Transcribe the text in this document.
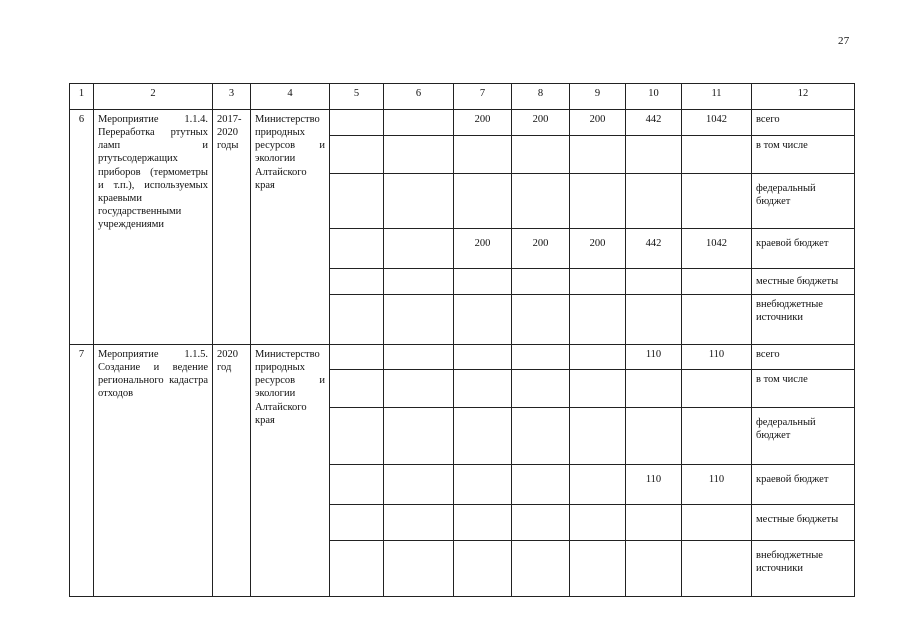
27
1	2	3	4	5	6	7	8	9	10	11	12
6	Мероприятие 1.1.4. Переработка ртутных ламп и ртутьсодержащих приборов (термометры и т.п.), используемых краевыми государственными учреждениями	2017-2020 годы	Министерство природных ресурсов и экологии Алтайского края			200	200	200	442	1042	всего
											в том числе
											федеральный бюджет
						200	200	200	442	1042	краевой бюджет
											местные бюджеты
											внебюджетные источники
7	Мероприятие 1.1.5. Создание и ведение регионального кадастра отходов	2020 год	Министерство природных ресурсов и экологии Алтайского края						110	110	всего
											в том числе
											федеральный бюджет
									110	110	краевой бюджет
											местные бюджеты
											внебюджетные источники
